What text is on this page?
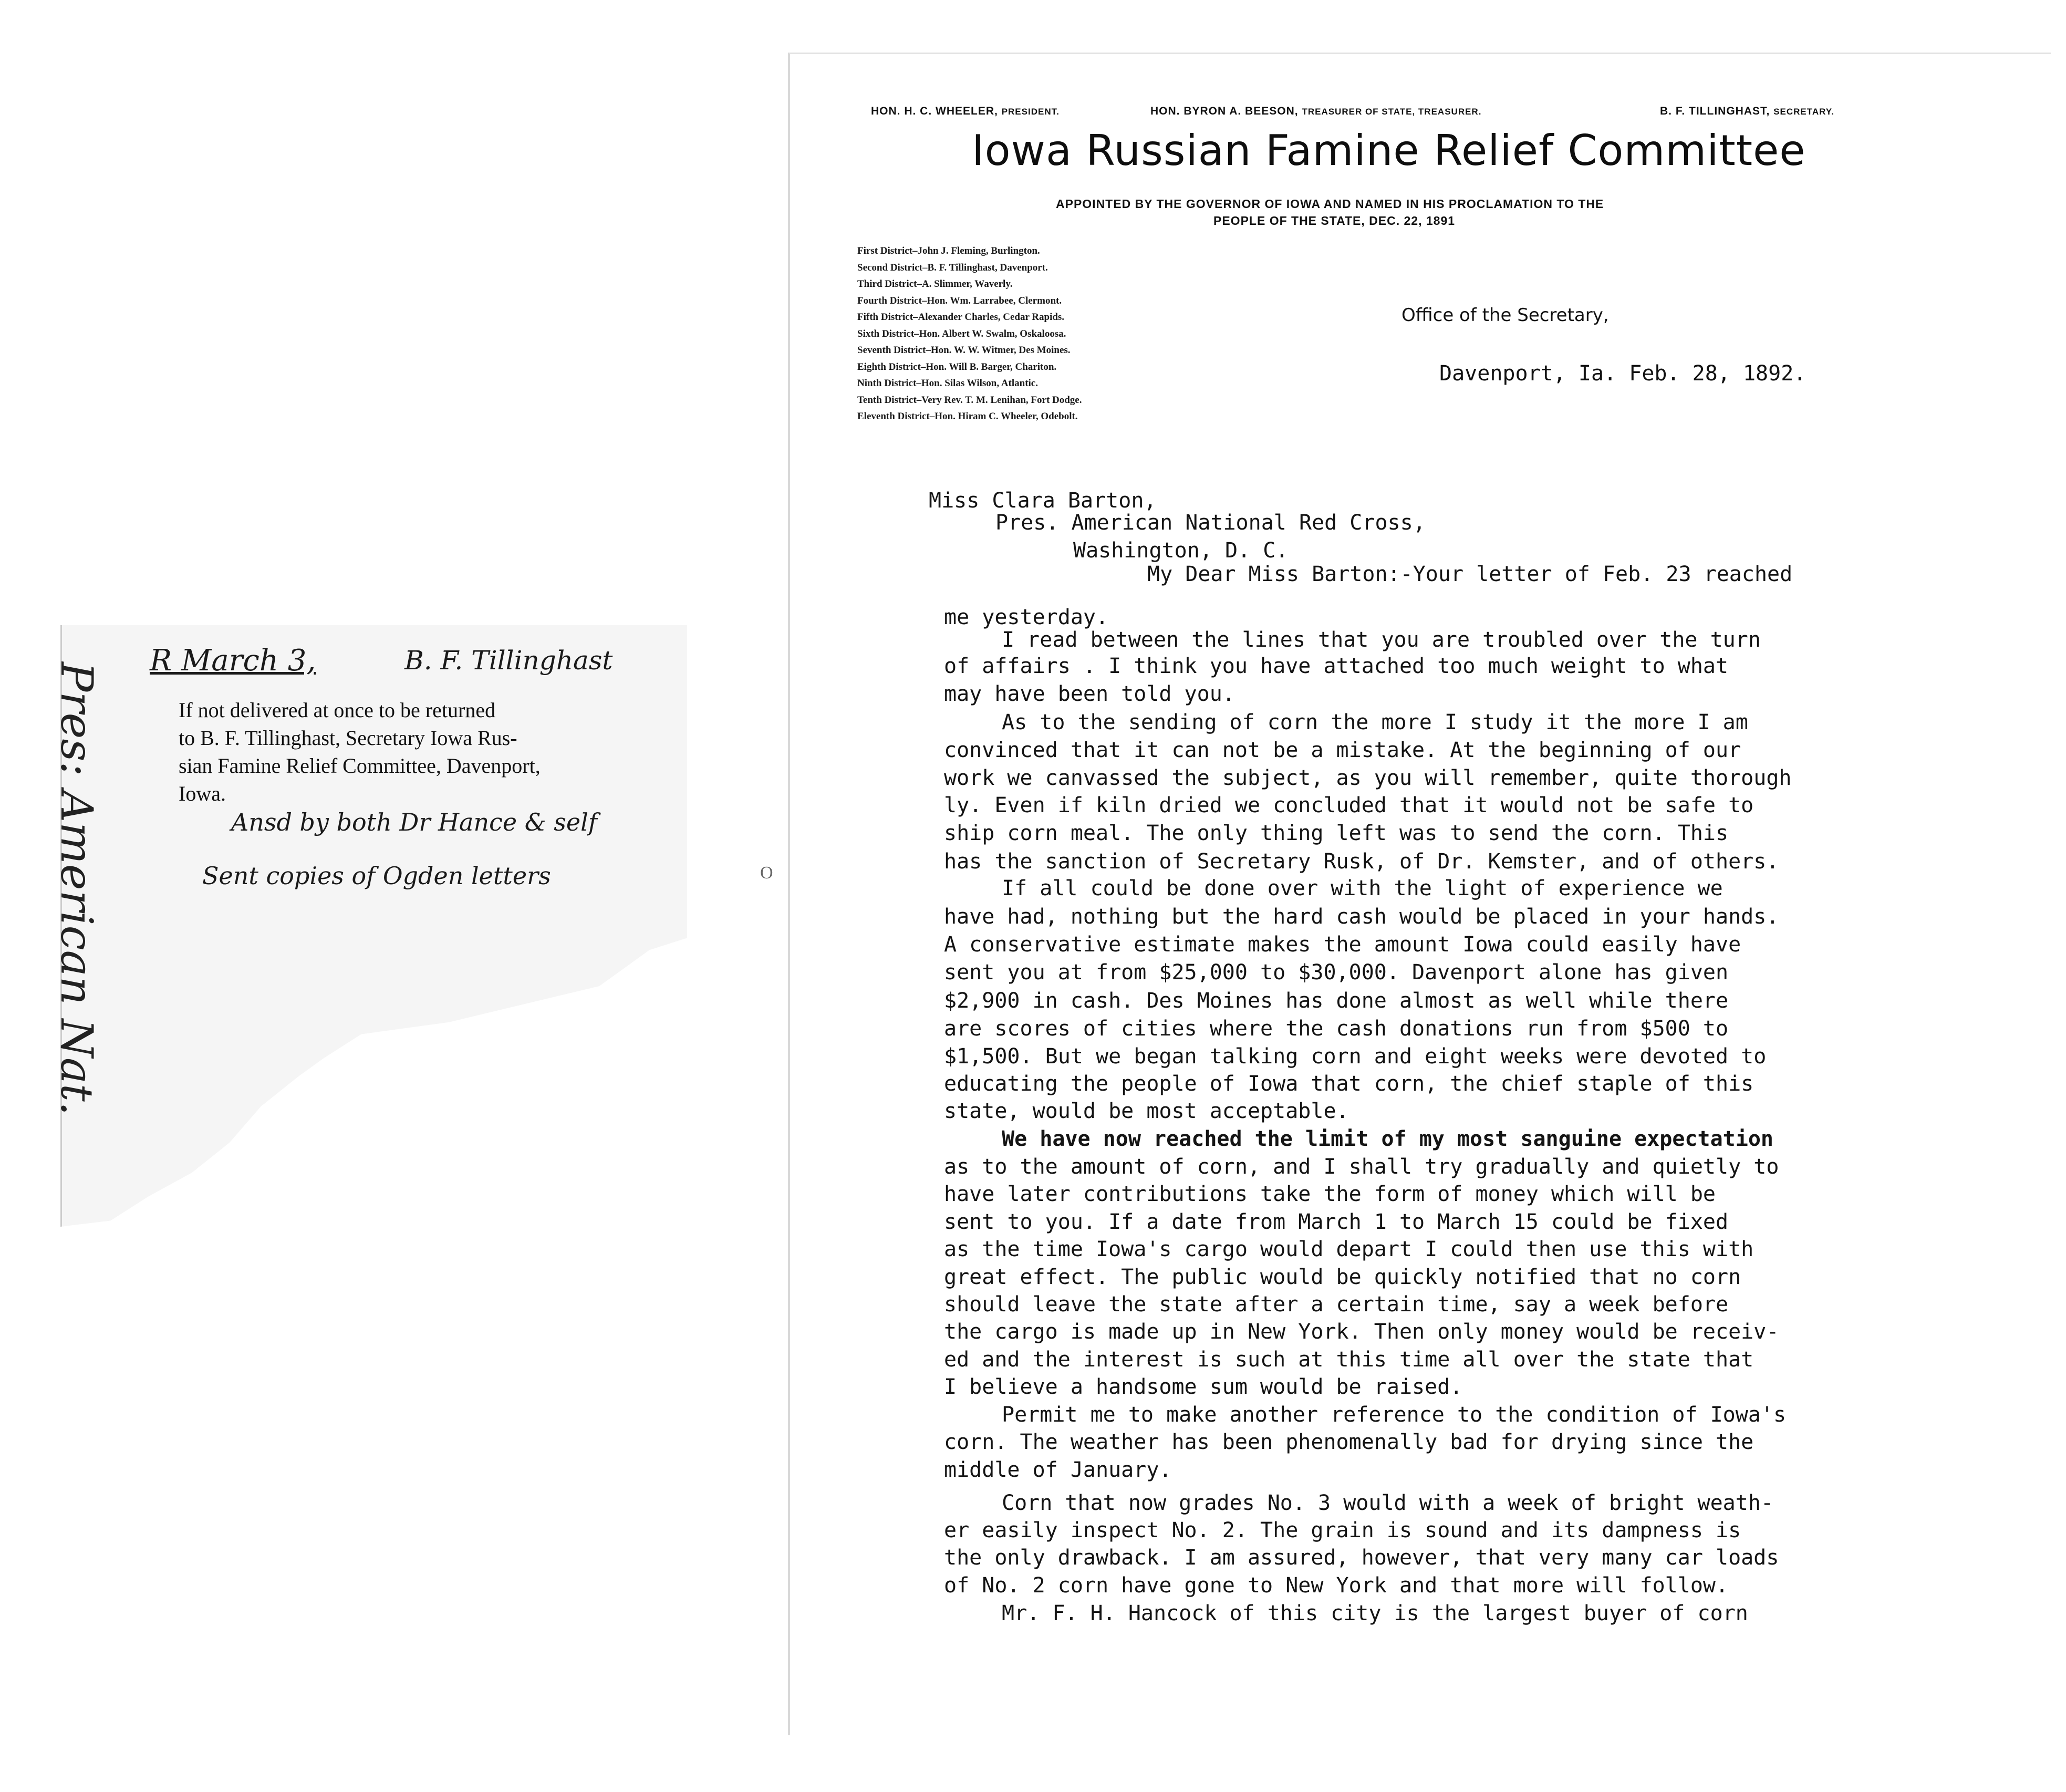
Pres: American Nat.
R March 3,	B. F. Tillinghast
If not delivered at once to be returned
to B. F. Tillinghast, Secretary Iowa Rus-
sian Famine Relief Committee, Davenport,
Iowa.
Ansd by both Dr Hance & self
Sent copies of Ogden letters	O
HON. H. C. WHEELER, PRESIDENT.	HON. BYRON A. BEESON, TREASURER OF STATE, TREASURER.	B. F. TILLINGHAST, SECRETARY.
Iowa Russian Famine Relief Committee
APPOINTED BY THE GOVERNOR OF IOWA AND NAMED IN HIS PROCLAMATION TO THE
PEOPLE OF THE STATE, DEC. 22, 1891
First District–John J. Fleming, Burlington.
Second District–B. F. Tillinghast, Davenport.
Third District–A. Slimmer, Waverly.
Fourth District–Hon. Wm. Larrabee, Clermont.
Fifth District–Alexander Charles, Cedar Rapids.
Sixth District–Hon. Albert W. Swalm, Oskaloosa.
Seventh District–Hon. W. W. Witmer, Des Moines.
Eighth District–Hon. Will B. Barger, Chariton.
Ninth District–Hon. Silas Wilson, Atlantic.
Tenth District–Very Rev. T. M. Lenihan, Fort Dodge.
Eleventh District–Hon. Hiram C. Wheeler, Odebolt.
Office of the Secretary,
Davenport, Ia. Feb. 28, 1892.
Miss Clara Barton,
Pres. American National Red Cross,
Washington, D. C.
My Dear Miss Barton:-Your letter of Feb. 23 reached
me yesterday.
I read between the lines that you are troubled over the turn
of affairs . I think you have attached too much weight to what
may have been told you.
As to the sending of corn the more I study it the more I am
convinced that it can not be a mistake. At the beginning of our
work we canvassed the subject, as you will remember, quite thorough
ly. Even if kiln dried we concluded that it would not be safe to
ship corn meal. The only thing left was to send the corn. This
has the sanction of Secretary Rusk, of Dr. Kemster, and of others.
If all could be done over with the light of experience we
have had, nothing but the hard cash would be placed in your hands.
A conservative estimate makes the amount Iowa could easily have
sent you at from $25,000 to $30,000. Davenport alone has given
$2,900 in cash. Des Moines has done almost as well while there
are scores of cities where the cash donations run from $500 to
$1,500. But we began talking corn and eight weeks were devoted to
educating the people of Iowa that corn, the chief staple of this
state, would be most acceptable.
We have now reached the limit of my most sanguine expectation
as to the amount of corn, and I shall try gradually and quietly to
have later contributions take the form of money which will be
sent to you. If a date from March 1 to March 15 could be fixed
as the time Iowa's cargo would depart I could then use this with
great effect. The public would be quickly notified that no corn
should leave the state after a certain time, say a week before
the cargo is made up in New York. Then only money would be receiv-
ed and the interest is such at this time all over the state that
I believe a handsome sum would be raised.
Permit me to make another reference to the condition of Iowa's
corn. The weather has been phenomenally bad for drying since the
middle of January.
Corn that now grades No. 3 would with a week of bright weath-
er easily inspect No. 2. The grain is sound and its dampness is
the only drawback. I am assured, however, that very many car loads
of No. 2 corn have gone to New York and that more will follow.
Mr. F. H. Hancock of this city is the largest buyer of corn
